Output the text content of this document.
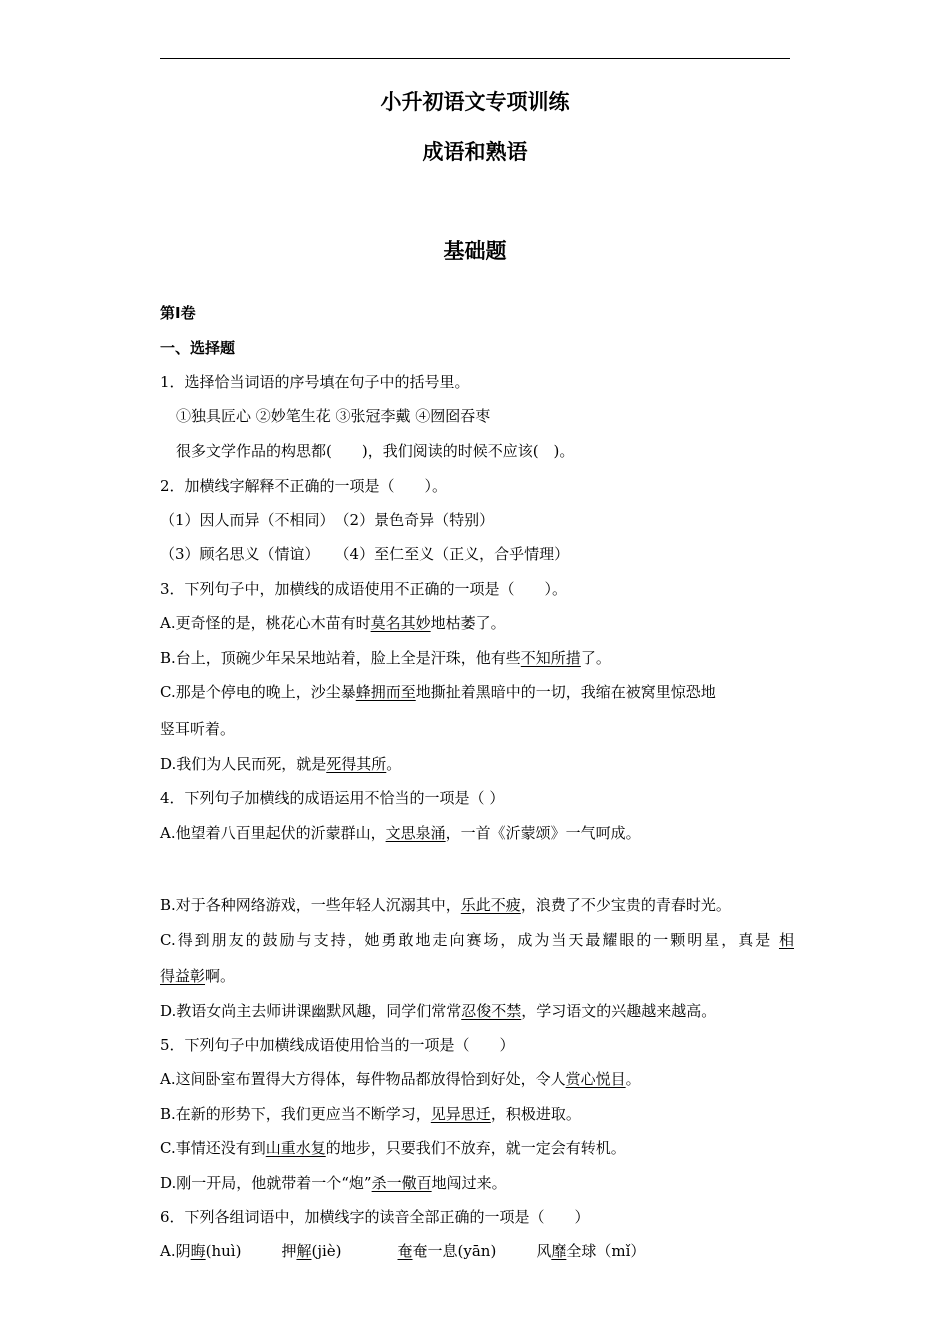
小升初语文专项训练
成语和熟语
基础题
第Ⅰ卷
一、选择题
1．选择恰当词语的序号填在句子中的括号里。
①独具匠心 ②妙笔生花 ③张冠李戴 ④囫囵吞枣
很多文学作品的构思都(　　)，我们阅读的时候不应该(　)。
2．加横线字解释不正确的一项是（　　）。
（1）因人而异（不相同）　（2）景色奇异（特别）
（3）顾名思义（情谊）　　（4）至仁至义（正义，合乎情理）
3．下列句子中，加横线的成语使用不正确的一项是（　　）。
A.更奇怪的是，桃花心木苗有时莫名其妙地枯萎了。
B.台上，顶碗少年呆呆地站着，脸上全是汗珠，他有些不知所措了。
C.那是个停电的晚上，沙尘暴蜂拥而至地撕扯着黑暗中的一切，我缩在被窝里惊恐地
竖耳听着。
D.我们为人民而死，就是死得其所。
4．下列句子加横线的成语运用不恰当的一项是（ ）
A.他望着八百里起伏的沂蒙群山，文思泉涌，一首《沂蒙颂》一气呵成。
B.对于各种网络游戏，一些年轻人沉溺其中，乐此不疲，浪费了不少宝贵的青春时光。
C.得到朋友的鼓励与支持，她勇敢地走向赛场，成为当天最耀眼的一颗明星，真是 相
得益彰啊。
D.教语女尚主去师讲课幽默风趣，同学们常常忍俊不禁，学习语文的兴趣越来越高。
5．下列句子中加横线成语使用恰当的一项是（　　）
A.这间卧室布置得大方得体，每件物品都放得恰到好处，令人赏心悦目。
B.在新的形势下，我们更应当不断学习，见异思迁，积极进取。
C.事情还没有到山重水复的地步，只要我们不放弃，就一定会有转机。
D.刚一开局，他就带着一个“炮”杀一儆百地闯过来。
6．下列各组词语中，加横线字的读音全部正确的一项是（　　）
A.阴晦(huì)	押解(jiè)	奄奄一息(yān)	风靡全球（mǐ）
